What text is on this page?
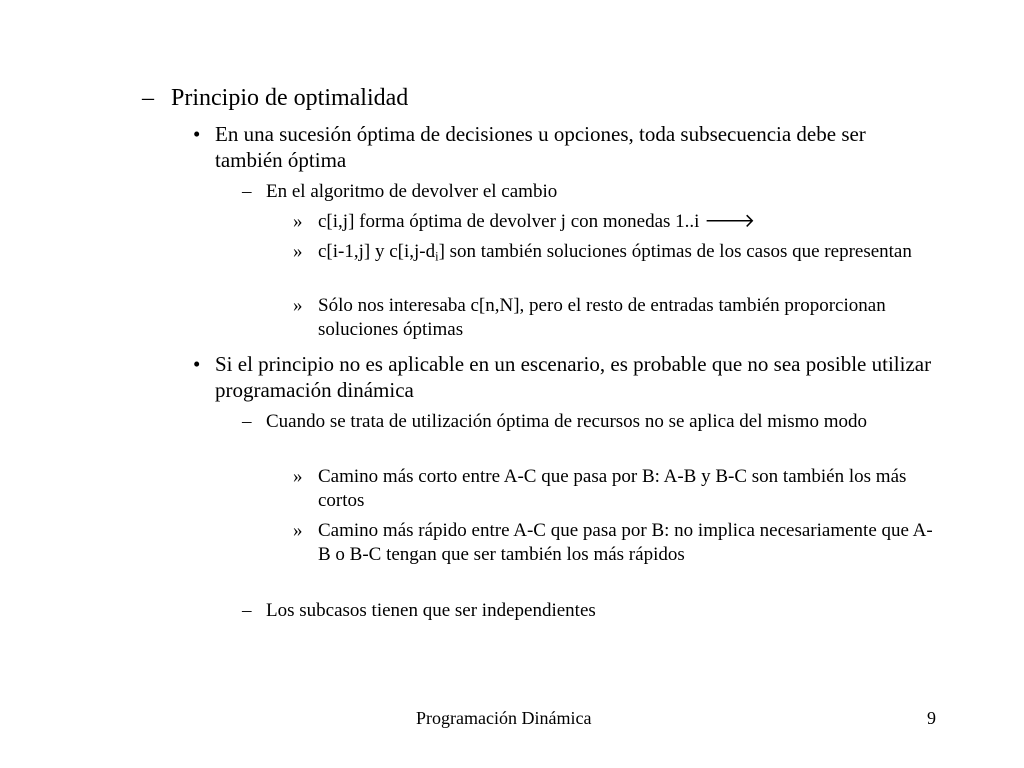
– Principio de optimalidad
• En una sucesión óptima de decisiones u opciones, toda subsecuencia debe ser también óptima
– En el algoritmo de devolver el cambio
» c[i,j] forma óptima de devolver j con monedas 1..i 🡒
» c[i-1,j] y $c[i,j-d_i]$ son también soluciones óptimas de los casos que representan
» Sólo nos interesaba c[n,N], pero el resto de entradas también proporcionan soluciones óptimas
• Si el principio no es aplicable en un escenario, es probable que no sea posible utilizar programación dinámica
– Cuando se trata de utilización óptima de recursos no se aplica del mismo modo
» Camino más corto entre A-C que pasa por B: A-B y B-C son también los más cortos
» Camino más rápido entre A-C que pasa por B: no implica necesariamente que A-B o B-C tengan que ser también los más rápidos
– Los subcasos tienen que ser independientes
Programación Dinámica	9
